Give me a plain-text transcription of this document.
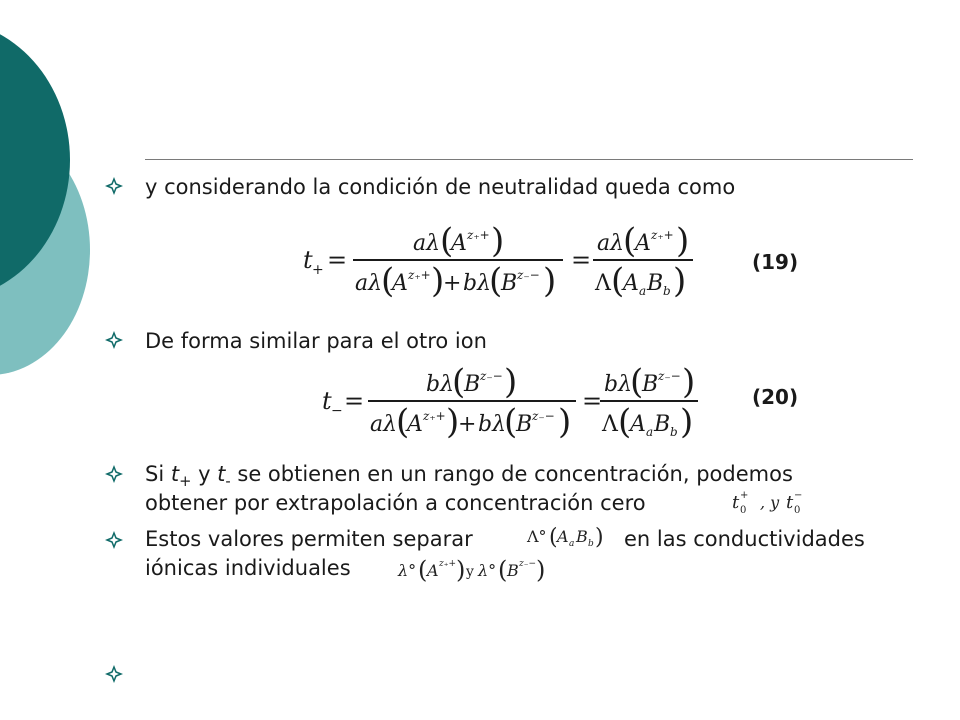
y considerando la condición de neutralidad queda como
t + =
aλ (
A z₊+ )
aλ
(
A z₊+ )
+ bλ
(
B z₋− )
=
aλ
(
A z₊+ )
Λ (
A a B b )	(19)
De forma similar para el otro ion
t − =
bλ
(
B z₋− )
aλ
(
A z₊+ )
+ bλ
(
B z₋− )
=
bλ
(
B z₋− )
Λ (
A a B b )
(20)
Si $t_+$ y $t_-$ se obtienen en un rango de concentración, podemos
obtener por extrapolación a concentración cero	t +
0 , y t −
0
Estos valores permiten separar	en las conductividades
iónicas individuales
Λ° ( A a B b )
λ° ( A z₊+ ) y λ° ( B z₋− )
